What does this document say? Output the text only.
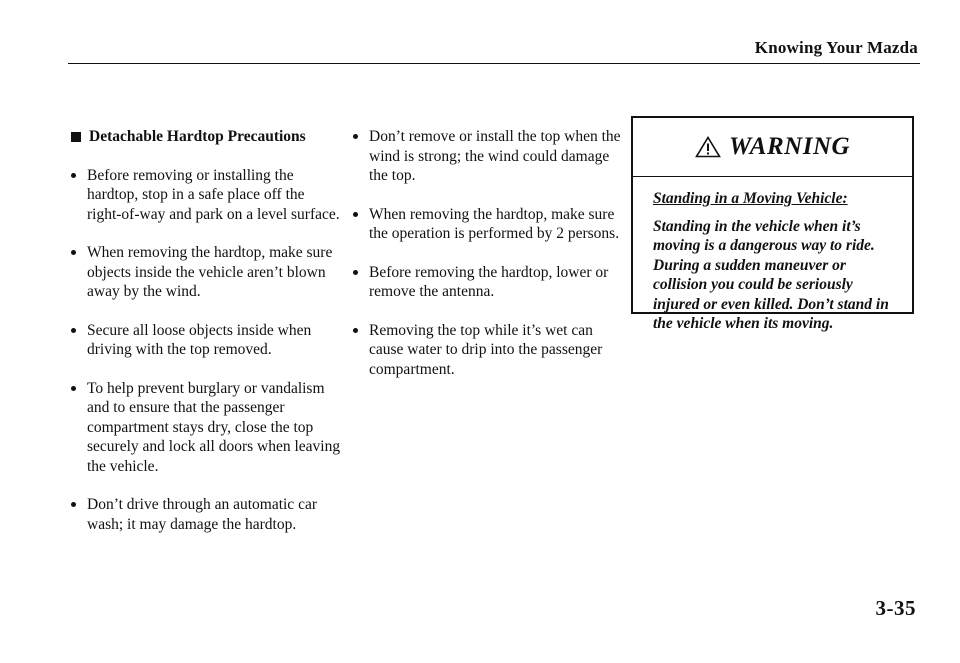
Knowing Your Mazda
Detachable Hardtop Precautions
Before removing or installing the hardtop, stop in a safe place off the right-of-way and park on a level surface.
When removing the hardtop, make sure objects inside the vehicle aren’t blown away by the wind.
Secure all loose objects inside when driving with the top removed.
To help prevent burglary or vandalism and to ensure that the passenger compartment stays dry, close the top securely and lock all doors when leaving the vehicle.
Don’t drive through an automatic car wash; it may damage the hardtop.
Don’t remove or install the top when the wind is strong; the wind could damage the top.
When removing the hardtop, make sure the operation is performed by 2 persons.
Before removing the hardtop, lower or remove the antenna.
Removing the top while it’s wet can cause water to drip into the passenger compartment.
WARNING
Standing in a Moving Vehicle:
Standing in the vehicle when it’s moving is a dangerous way to ride. During a sudden maneuver or collision you could be seriously injured or even killed. Don’t stand in the vehicle when its moving.
3-35
